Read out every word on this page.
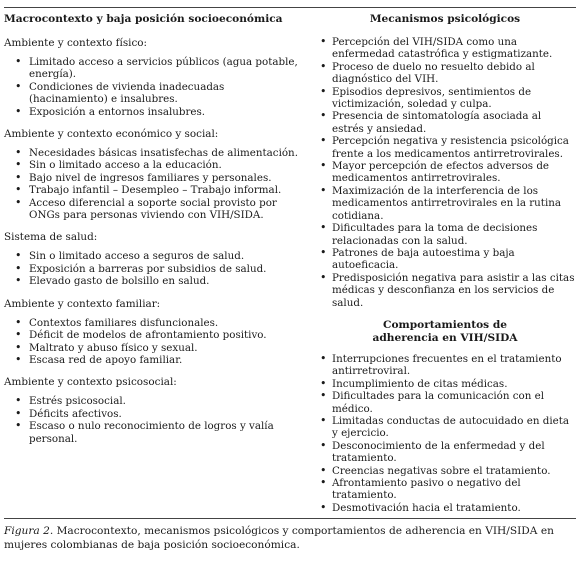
Macrocontexto y baja posición socioeconómica
Ambiente y contexto físico:
• Limitado acceso a servicios públicos (agua potable, energía).
• Condiciones de vivienda inadecuadas (hacinamiento) e insalubres.
• Exposición a entornos insalubres.
Ambiente y contexto económico y social:
• Necesidades básicas insatisfechas de alimentación.
• Sin o limitado acceso a la educación.
• Bajo nivel de ingresos familiares y personales.
• Trabajo infantil – Desempleo – Trabajo informal.
• Acceso diferencial a soporte social provisto por ONGs para personas viviendo con VIH/SIDA.
Sistema de salud:
• Sin o limitado acceso a seguros de salud.
• Exposición a barreras por subsidios de salud.
• Elevado gasto de bolsillo en salud.
Ambiente y contexto familiar:
• Contextos familiares disfuncionales.
• Déficit de modelos de afrontamiento positivo.
• Maltrato y abuso físico y sexual.
• Escasa red de apoyo familiar.
Ambiente y contexto psicosocial:
• Estrés psicosocial.
• Déficits afectivos.
• Escaso o nulo reconocimiento de logros y valía personal.
Mecanismos psicológicos
• Percepción del VIH/SIDA como una enfermedad catastrófica y estigmatizante.
• Proceso de duelo no resuelto debido al diagnóstico del VIH.
• Episodios depresivos, sentimientos de victimización, soledad y culpa.
• Presencia de sintomatología asociada al estrés y ansiedad.
• Percepción negativa y resistencia psicológica frente a los medicamentos antirretrovirales.
• Mayor percepción de efectos adversos de medicamentos antirretrovirales.
• Maximización de la interferencia de los medicamentos antirretrovirales en la rutina cotidiana.
• Dificultades para la toma de decisiones relacionadas con la salud.
• Patrones de baja autoestima y baja autoeficacia.
• Predisposición negativa para asistir a las citas médicas y desconfianza en los servicios de salud.
Comportamientos de
adherencia en VIH/SIDA
• Interrupciones frecuentes en el tratamiento antirretroviral.
• Incumplimiento de citas médicas.
• Dificultades para la comunicación con el médico.
• Limitadas conductas de autocuidado en dieta y ejercicio.
• Desconocimiento de la enfermedad y del tratamiento.
• Creencias negativas sobre el tratamiento.
• Afrontamiento pasivo o negativo del tratamiento.
• Desmotivación hacia el tratamiento.
Figura 2. Macrocontexto, mecanismos psicológicos y comportamientos de adherencia en VIH/SIDA en mujeres colombianas de baja posición socioeconómica.
